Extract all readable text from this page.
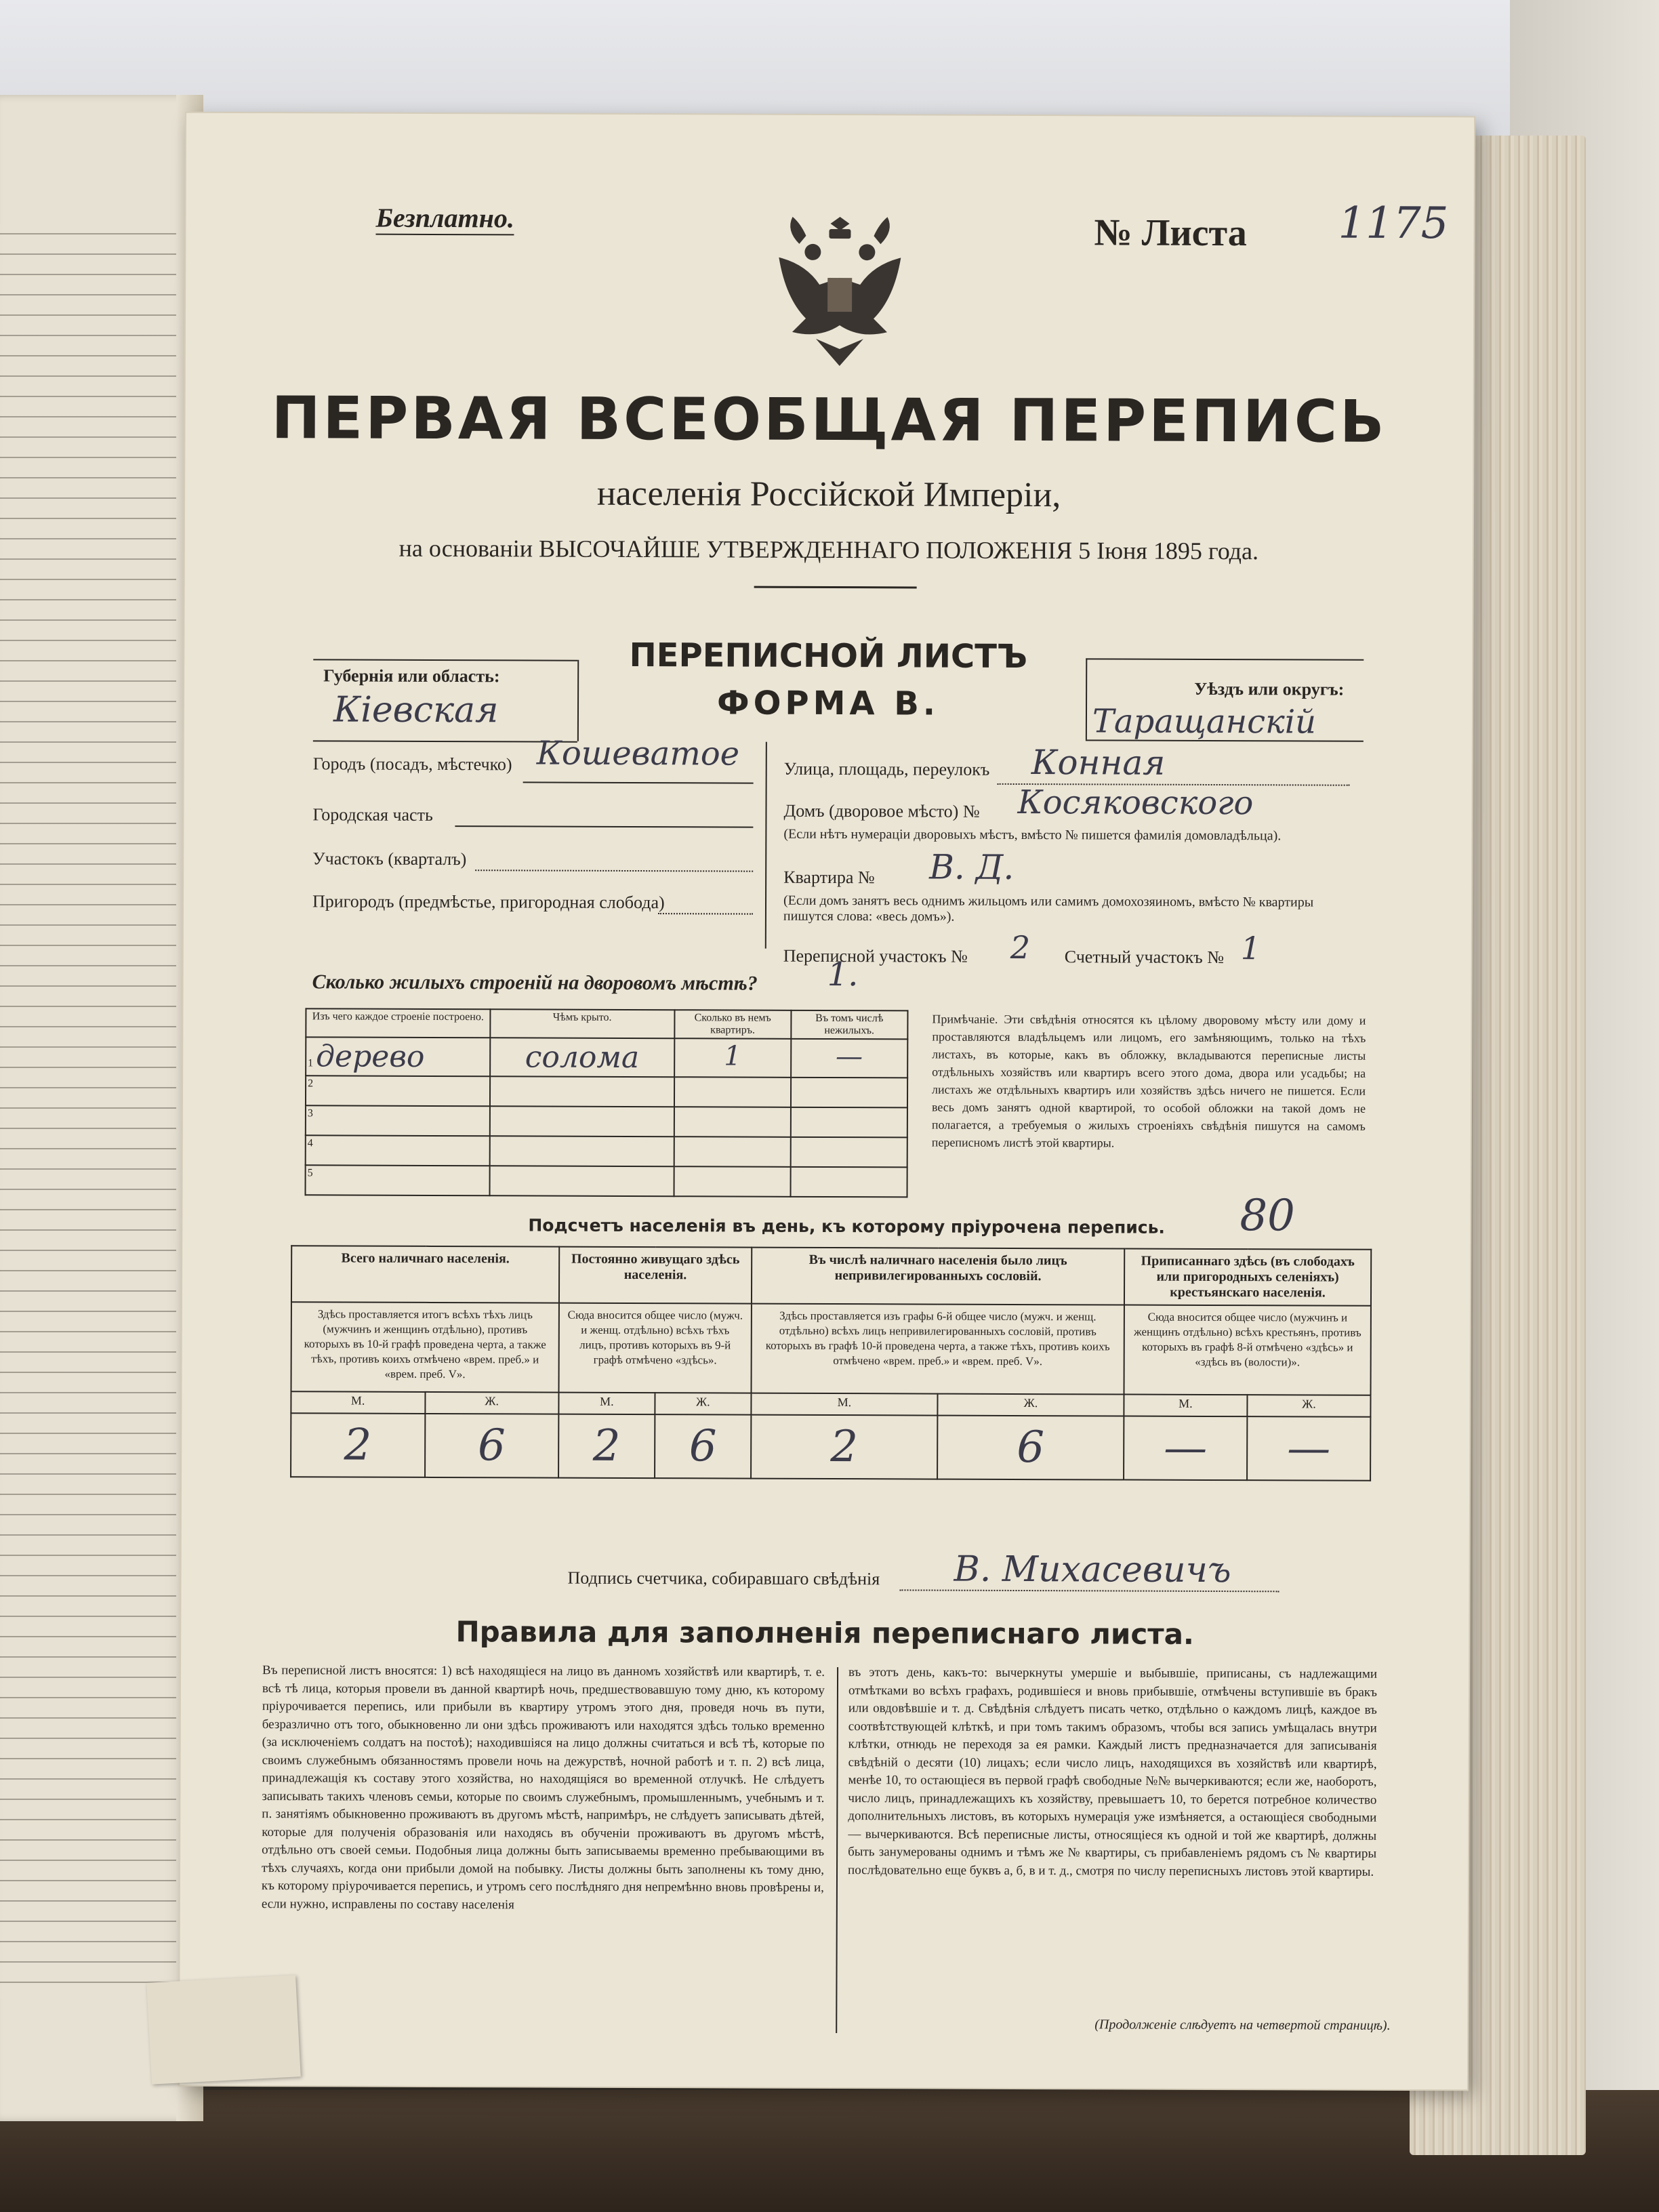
Безплатно.	№ Листа 1175
ПЕРВАЯ ВСЕОБЩАЯ ПЕРЕПИСЬ
населенія Россійской Имперіи,
на основаніи ВЫСОЧАЙШЕ УТВЕРЖДЕННАГО ПОЛОЖЕНІЯ 5 Іюня 1895 года.
Губернія или область:
Кіевская
ПЕРЕПИСНОЙ ЛИСТЪ
ФОРМА В.	Уѣздъ или округъ:
Таращанскій
Городъ (посадъ, мѣстечко) Кошеватое
Городская часть
Участокъ (кварталъ)
Пригородъ (предмѣстье, пригородная слобода)
Улица, площадь, переулокъ Конная
Домъ (дворовое мѣсто) № Косяковского
(Если нѣтъ нумераціи дворовыхъ мѣстъ, вмѣсто № пишется фамилія домовладѣльца).
Квартира № В. Д.
(Если домъ занятъ весь однимъ жильцомъ или самимъ домохозяиномъ, вмѣсто № квартиры пишутся слова: «весь домъ»).
Переписной участокъ № 2 Счетный участокъ № 1
Сколько жилыхъ строеній на дворовомъ мѣстѣ? 1.
Изъ чего каждое строеніе построено.	Чѣмъ крыто.	Сколько въ немъ квартиръ.	Въ томъ числѣ нежилыхъ.
1 дерево	солома	1	—
2			
3			
4			
5			
Примѣчаніе. Эти свѣдѣнія относятся къ цѣлому дворовому мѣсту или дому и проставляются владѣльцемъ или лицомъ, его замѣняющимъ, только на тѣхъ листахъ, въ которые, какъ въ обложку, вкладываются переписные листы отдѣльныхъ хозяйствъ или квартиръ всего этого дома, двора или усадьбы; на листахъ же отдѣльныхъ квартиръ или хозяйствъ здѣсь ничего не пишется. Если весь домъ занятъ одной квартирой, то особой обложки на такой домъ не полагается, а требуемыя о жилыхъ строеніяхъ свѣдѣнія пишутся на самомъ переписномъ листѣ этой квартиры.
Подсчетъ населенія въ день, къ которому пріурочена перепись. 80
Всего наличнаго населенія.		Постоянно живущаго здѣсь населенія.		Въ числѣ наличнаго населенія было лицъ непривилегированныхъ сословій.		Приписаннаго здѣсь (въ слободахъ или пригородныхъ селеніяхъ) крестьянскаго населенія.	
Здѣсь проставляется итогъ всѣхъ тѣхъ лицъ (мужчинъ и женщинъ отдѣльно), противъ которыхъ въ 10-й графѣ проведена черта, а также тѣхъ, противъ коихъ отмѣчено «врем. преб.» и «врем. преб. V».		Сюда вносится общее число (мужч. и женщ. отдѣльно) всѣхъ тѣхъ лицъ, противъ которыхъ въ 9-й графѣ отмѣчено «здѣсь».		Здѣсь проставляется изъ графы 6-й общее число (мужч. и женщ. отдѣльно) всѣхъ лицъ непривилегированныхъ сословій, противъ которыхъ въ графѣ 10-й проведена черта, а также тѣхъ, противъ коихъ отмѣчено «врем. преб.» и «врем. преб. V».		Сюда вносится общее число (мужчинъ и женщинъ отдѣльно) всѣхъ крестьянъ, противъ которыхъ въ графѣ 8-й отмѣчено «здѣсь» и «здѣсь въ (волости)».	
М.	Ж.	М.	Ж.	М.	Ж.	М.	Ж.
2	6	2	6	2	6	—	—
Подпись счетчика, собиравшаго свѣдѣнія В. Михасевичъ
Правила для заполненія переписнаго листа.
Въ переписной листъ вносятся: 1) всѣ находящіеся на лицо въ данномъ хозяйствѣ или квартирѣ, т. е. всѣ тѣ лица, которыя провели въ данной квартирѣ ночь, предшествовавшую тому дню, къ которому пріурочивается перепись, или прибыли въ квартиру утромъ этого дня, проведя ночь въ пути, безразлично отъ того, обыкновенно ли они здѣсь проживаютъ или находятся здѣсь только временно (за исключеніемъ солдатъ на постоѣ); находившіяся на лицо должны считаться и всѣ тѣ, которые по своимъ служебнымъ обязанностямъ провели ночь на дежурствѣ, ночной работѣ и т. п. 2) всѣ лица, принадлежащія къ составу этого хозяйства, но находящіяся во временной отлучкѣ. Не слѣдуетъ записывать такихъ членовъ семьи, которые по своимъ служебнымъ, промышленнымъ, учебнымъ и т. п. занятіямъ обыкновенно проживаютъ въ другомъ мѣстѣ, напримѣръ, не слѣдуетъ записывать дѣтей, которые для полученія образованія или находясь въ обученіи проживаютъ въ другомъ мѣстѣ, отдѣльно отъ своей семьи. Подобныя лица должны быть записываемы временно пребывающими въ тѣхъ случаяхъ, когда они прибыли домой на побывку. Листы должны быть заполнены къ тому дню, къ которому пріурочивается перепись, и утромъ сего послѣдняго дня непремѣнно вновь провѣрены и, если нужно, исправлены по составу населенія
въ этотъ день, какъ-то: вычеркнуты умершіе и выбывшіе, приписаны, съ надлежащими отмѣтками во всѣхъ графахъ, родившіеся и вновь прибывшіе, отмѣчены вступившіе въ бракъ или овдовѣвшіе и т. д. Свѣдѣнія слѣдуетъ писать четко, отдѣльно о каждомъ лицѣ, каждое въ соотвѣтствующей клѣткѣ, и при томъ такимъ образомъ, чтобы вся запись умѣщалась внутри клѣтки, отнюдь не переходя за ея рамки. Каждый листъ предназначается для записыванія свѣдѣній о десяти (10) лицахъ; если число лицъ, находящихся въ хозяйствѣ или квартирѣ, менѣе 10, то остающіеся въ первой графѣ свободные №№ вычеркиваются; если же, наоборотъ, число лицъ, принадлежащихъ къ хозяйству, превышаетъ 10, то берется потребное количество дополнительныхъ листовъ, въ которыхъ нумерація уже измѣняется, а остающіеся свободными — вычеркиваются. Всѣ переписные листы, относящіеся къ одной и той же квартирѣ, должны быть занумерованы однимъ и тѣмъ же № квартиры, съ прибавленіемъ рядомъ съ № квартиры послѣдовательно еще буквъ а, б, в и т. д., смотря по числу переписныхъ листовъ этой квартиры.
(Продолженіе слѣдуетъ на четвертой страницѣ).
